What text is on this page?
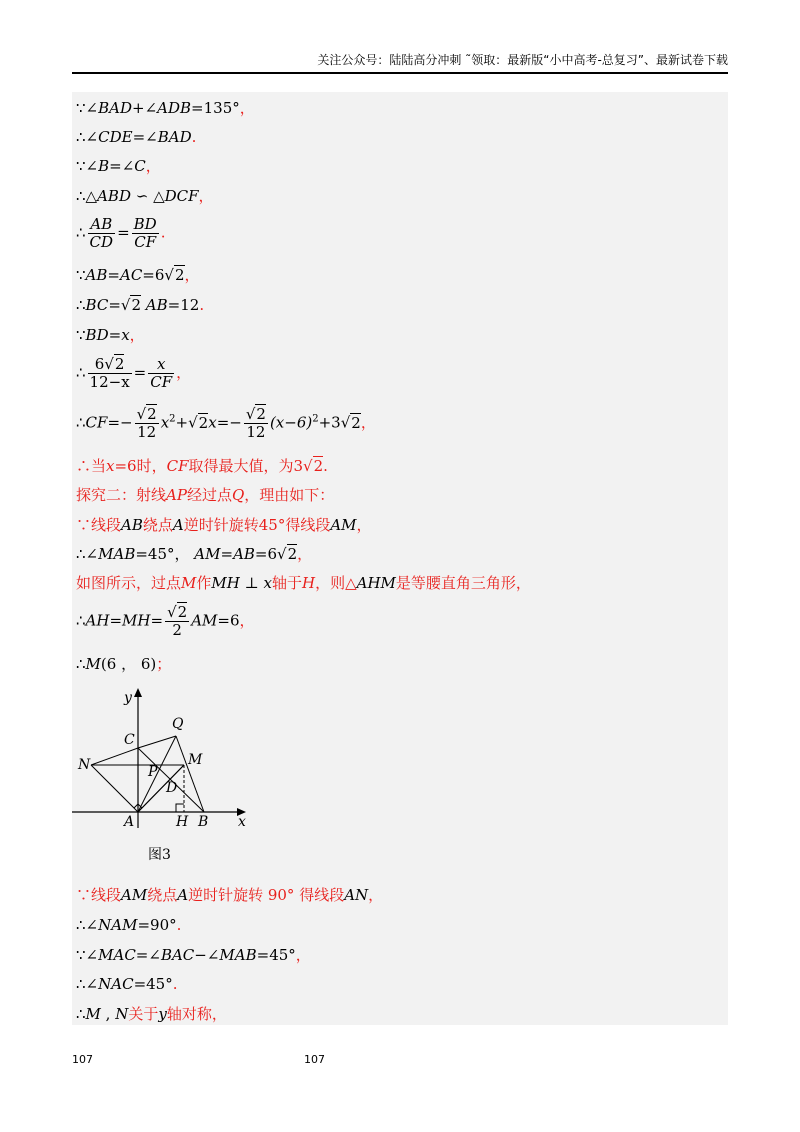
关注公众号：陆陆高分冲刺 ˜领取：最新版“小中高考-总复习”、最新试卷下载
∵∠BAD+∠ADB=135°，
∴∠CDE=∠BAD.
∵∠B=∠C，
∴△ABD ∽ △DCF，
∴ $\frac{AB}{CD} = \frac{BD}{CF}$ .
∵AB=AC=6√2，
∴BC=√2 AB=12.
∵BD=x，
∴ $\frac{6√2}{12-x} = \frac{x}{CF}$ ，
∴CF=− $\frac{√2}{12} x^2+√2x=- \frac{√2}{12} (x-6)^2+3√2$，
∴当x=6时，CF取得最大值，为3√2.
探究二：射线AP经过点Q，理由如下：
∵线段AB绕点A逆时针旋转45°得线段AM，
∴∠MAB=45°， AM=AB=6√2，
如图所示，过点M作MH ⊥ x轴于H，则△AHM是等腰直角三角形，
∴AH=MH= $\frac{√2}{2} AM=6$，
∴M(6 ， 6)；
y
x
Q
C
N	M
P
D
A	H B
图3
∵线段AM绕点A逆时针旋转 90° 得线段AN，
∴∠NAM=90°.
∵∠MAC=∠BAC−∠MAB=45°，
∴∠NAC=45°.
∴M , N关于y轴对称，
107	107
